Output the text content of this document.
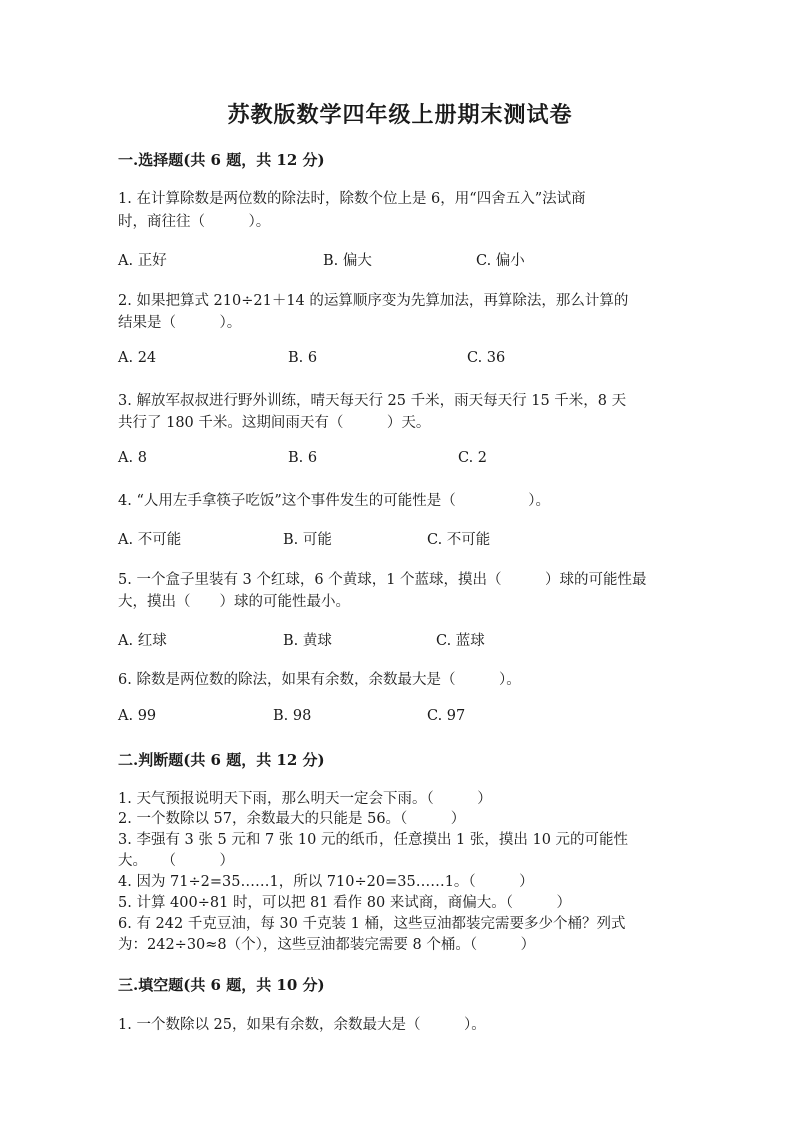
苏教版数学四年级上册期末测试卷
一.选择题(共 6 题，共 12 分)
1. 在计算除数是两位数的除法时，除数个位上是 6，用“四舍五入”法试商
时，商往往（　　　）。
A. 正好	B. 偏大	C. 偏小
2. 如果把算式 210÷21＋14 的运算顺序变为先算加法，再算除法，那么计算的
结果是（　　　）。
A. 24	B. 6	C. 36
3. 解放军叔叔进行野外训练，晴天每天行 25 千米，雨天每天行 15 千米，8 天
共行了 180 千米。这期间雨天有（　　　）天。
A. 8	B. 6	C. 2
4. “人用左手拿筷子吃饭”这个事件发生的可能性是（　　　　　）。
A. 不可能	B. 可能	C. 不可能
5. 一个盒子里装有 3 个红球，6 个黄球，1 个蓝球，摸出（　　　）球的可能性最
大，摸出（　　）球的可能性最小。
A. 红球	B. 黄球	C. 蓝球
6. 除数是两位数的除法，如果有余数，余数最大是（　　　）。
A. 99	B. 98	C. 97
二.判断题(共 6 题，共 12 分)
1. 天气预报说明天下雨，那么明天一定会下雨。（　　　）
2. 一个数除以 57，余数最大的只能是 56。（　　　）
3. 李强有 3 张 5 元和 7 张 10 元的纸币，任意摸出 1 张，摸出 10 元的可能性
大。　　（　　　）
4. 因为 71÷2=35……1，所以 710÷20=35……1。（　　　）
5. 计算 400÷81 时，可以把 81 看作 80 来试商，商偏大。（　　　）
6. 有 242 千克豆油，每 30 千克装 1 桶，这些豆油都装完需要多少个桶？列式
为：242÷30≈8（个），这些豆油都装完需要 8 个桶。（　　　）
三.填空题(共 6 题，共 10 分)
1. 一个数除以 25，如果有余数，余数最大是（　　　）。
